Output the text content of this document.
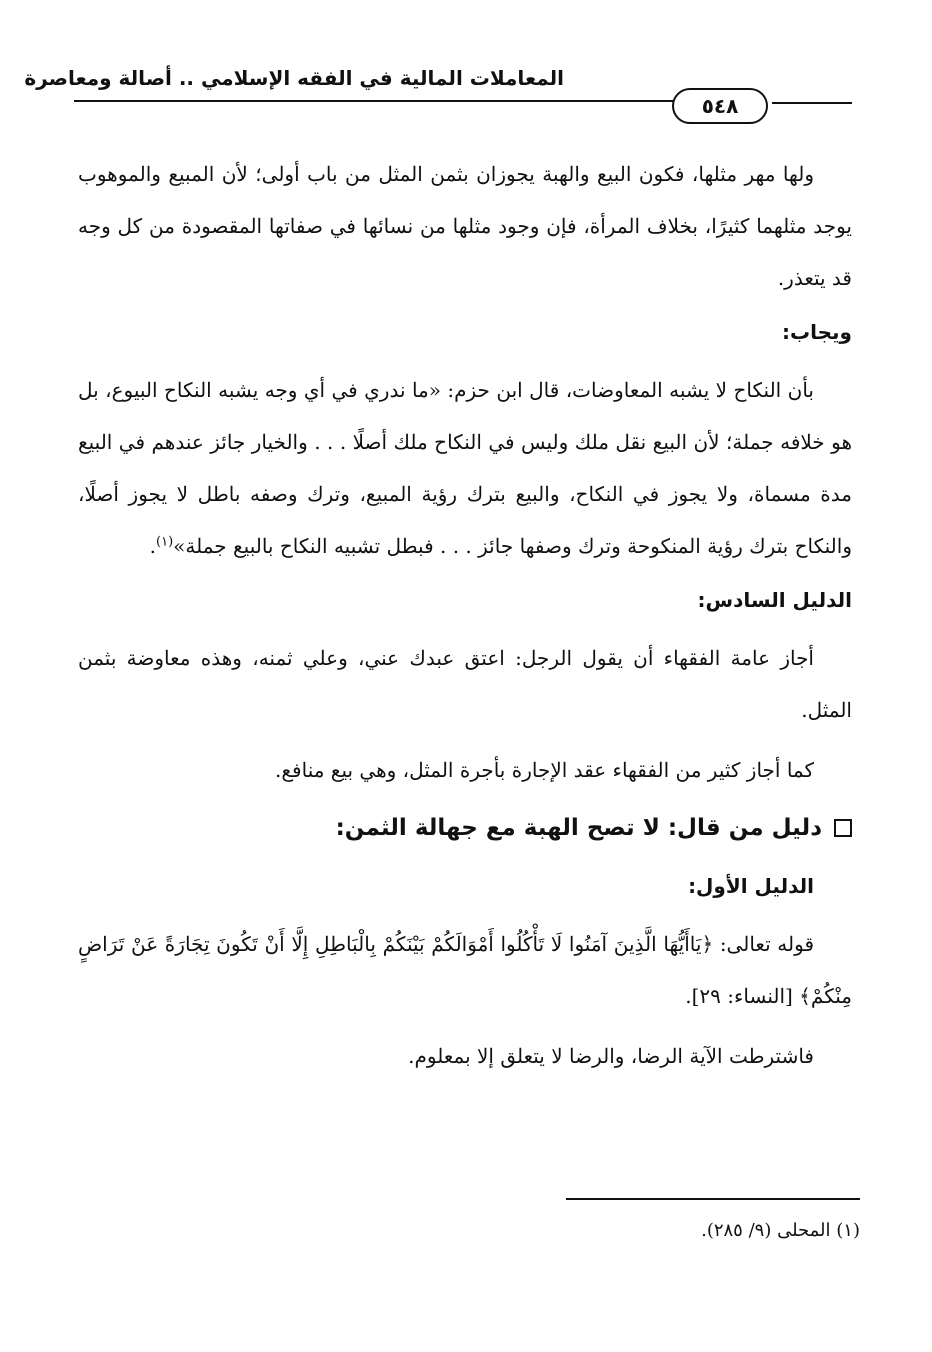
المعاملات المالية في الفقه الإسلامي .. أصالة ومعاصرة
٥٤٨

ولها مهر مثلها، فكون البيع والهبة يجوزان بثمن المثل من باب أولى؛ لأن المبيع والموهوب يوجد مثلهما كثيرًا، بخلاف المرأة، فإن وجود مثلها من نسائها في صفاتها المقصودة من كل وجه قد يتعذر.

ويجاب:

بأن النكاح لا يشبه المعاوضات، قال ابن حزم: «ما ندري في أي وجه يشبه النكاح البيوع، بل هو خلافه جملة؛ لأن البيع نقل ملك وليس في النكاح ملك أصلًا . . . والخيار جائز عندهم في البيع مدة مسماة، ولا يجوز في النكاح، والبيع بترك رؤية المبيع، وترك وصفه باطل لا يجوز أصلًا، والنكاح بترك رؤية المنكوحة وترك وصفها جائز . . . فبطل تشبيه النكاح بالبيع جملة»$^{(١)}$.

الدليل السادس:

أجاز عامة الفقهاء أن يقول الرجل: اعتق عبدك عني، وعلي ثمنه، وهذه معاوضة بثمن المثل.

كما أجاز كثير من الفقهاء عقد الإجارة بأجرة المثل، وهي بيع منافع.

دليل من قال: لا تصح الهبة مع جهالة الثمن:
الدليل الأول:

قوله تعالى: ﴿يَاأَيُّهَا الَّذِينَ آمَنُوا لَا تَأْكُلُوا أَمْوَالَكُمْ بَيْنَكُمْ بِالْبَاطِلِ إِلَّا أَنْ تَكُونَ تِجَارَةً عَنْ تَرَاضٍ مِنْكُمْ﴾ [النساء: ٢٩].

فاشترطت الآية الرضا، والرضا لا يتعلق إلا بمعلوم.

(١) المحلى (٩/ ٢٨٥).
